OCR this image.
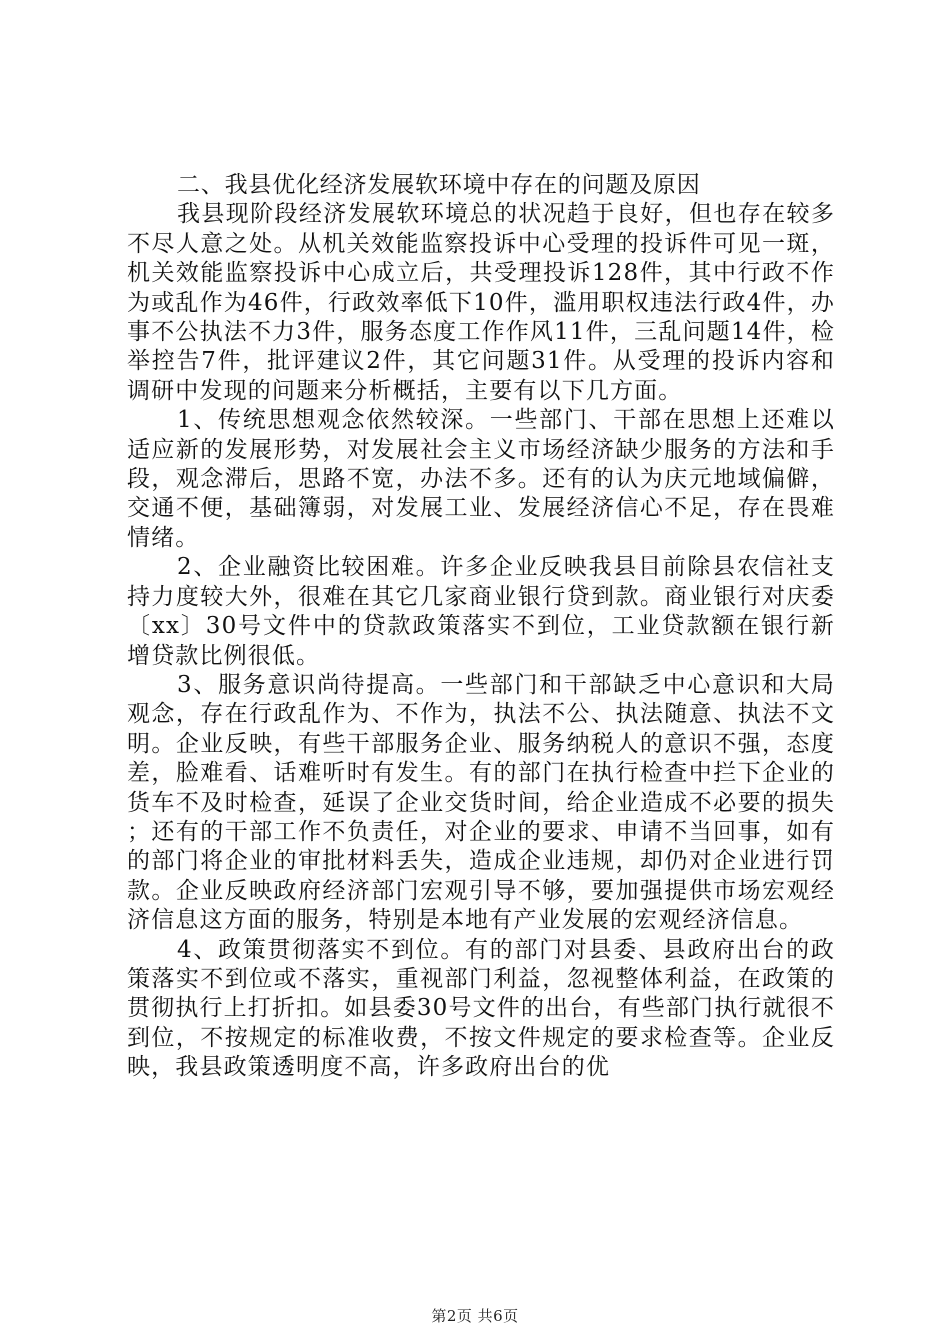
二、我县优化经济发展软环境中存在的问题及原因

我县现阶段经济发展软环境总的状况趋于良好，但也存在较多不尽人意之处。从机关效能监察投诉中心受理的投诉件可见一斑，机关效能监察投诉中心成立后，共受理投诉128件，其中行政不作为或乱作为46件，行政效率低下10件，滥用职权违法行政4件，办事不公执法不力3件，服务态度工作作风11件，三乱问题14件，检举控告7件，批评建议2件，其它问题31件。从受理的投诉内容和调研中发现的问题来分析概括，主要有以下几方面。

1、传统思想观念依然较深。一些部门、干部在思想上还难以适应新的发展形势，对发展社会主义市场经济缺少服务的方法和手段，观念滞后，思路不宽，办法不多。还有的认为庆元地域偏僻，交通不便，基础簿弱，对发展工业、发展经济信心不足，存在畏难情绪。

2、企业融资比较困难。许多企业反映我县目前除县农信社支持力度较大外，很难在其它几家商业银行贷到款。商业银行对庆委〔xx〕30号文件中的贷款政策落实不到位，工业贷款额在银行新增贷款比例很低。

3、服务意识尚待提高。一些部门和干部缺乏中心意识和大局观念，存在行政乱作为、不作为，执法不公、执法随意、执法不文明。企业反映，有些干部服务企业、服务纳税人的意识不强，态度差，脸难看、话难听时有发生。有的部门在执行检查中拦下企业的货车不及时检查，延误了企业交货时间，给企业造成不必要的损失；还有的干部工作不负责任，对企业的要求、申请不当回事，如有的部门将企业的审批材料丢失，造成企业违规，却仍对企业进行罚款。企业反映政府经济部门宏观引导不够，要加强提供市场宏观经济信息这方面的服务，特别是本地有产业发展的宏观经济信息。

4、政策贯彻落实不到位。有的部门对县委、县政府出台的政策落实不到位或不落实，重视部门利益，忽视整体利益，在政策的贯彻执行上打折扣。如县委30号文件的出台，有些部门执行就很不到位，不按规定的标准收费，不按文件规定的要求检查等。企业反映，我县政策透明度不高，许多政府出台的优

第2页 共6页
